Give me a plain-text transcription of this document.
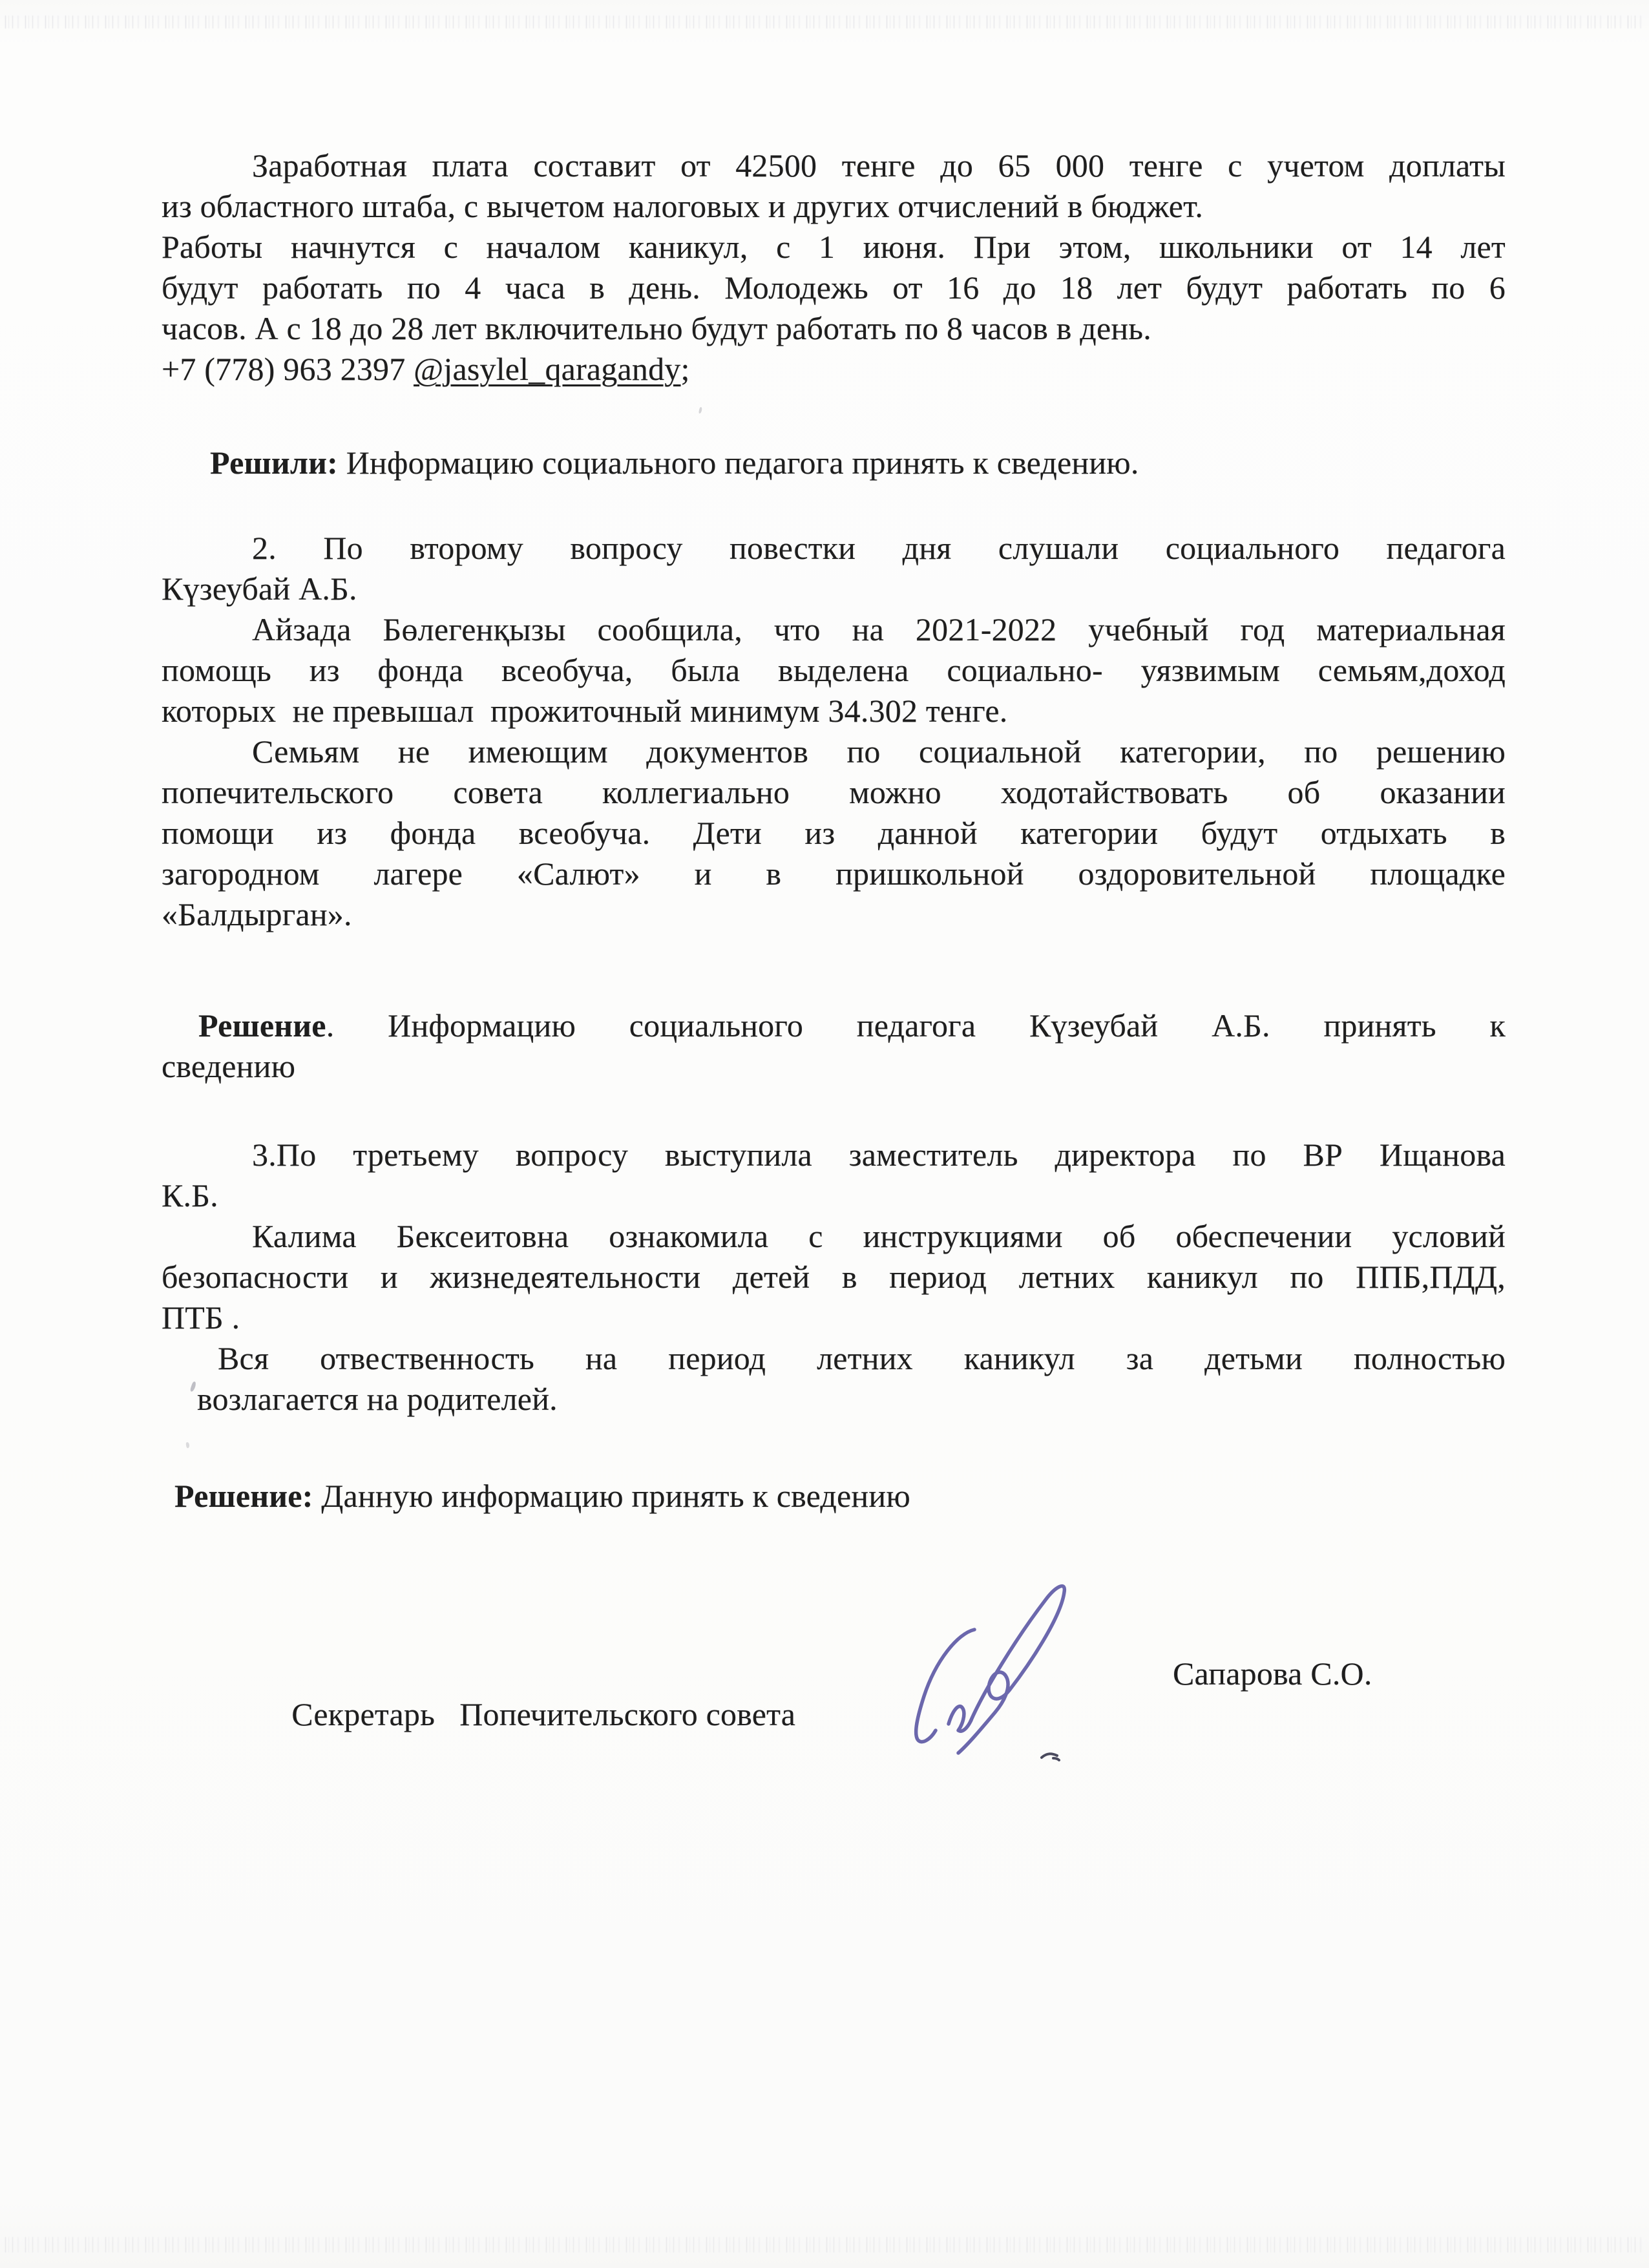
Заработная плата составит от 42500 тенге до 65 000 тенге с учетом доплаты
из областного штаба, с вычетом налоговых и других отчислений в бюджет.
Работы начнутся с началом каникул, с 1 июня. При этом, школьники от 14 лет
будут работать по 4 часа в день. Молодежь от 16 до 18 лет будут работать по 6
часов. А с 18 до 28 лет включительно будут работать по 8 часов в день.
+7 (778) 963 2397 @jasylel_qaragandy;
Решили: Информацию социального педагога принять к сведению.
2. По второму вопросу повестки дня слушали социального педагога
Күзеубай А.Б.
Айзада Бөлегенқызы сообщила, что на 2021-2022 учебный год материальная
помощь из фонда всеобуча, была выделена социально- уязвимым семьям,доход
которых  не превышал  прожиточный минимум 34.302 тенге.
Семьям не имеющим документов по социальной категории, по решению
попечительского совета коллегиально можно ходотайствовать об оказании
помощи из фонда всеобуча. Дети из данной категории будут отдыхать в
загородном лагере «Салют» и в пришкольной оздоровительной площадке
«Балдырган».
Решение. Информацию социального педагога Күзеубай А.Б. принять к
сведению
3.По третьему вопросу выступила заместитель директора по ВР Ищанова
К.Б.
Калима Бексеитовна ознакомила с инструкциями об обеспечении условий
безопасности и жизнедеятельности детей в период летних каникул по ППБ,ПДД,
ПТБ .
Вся отвественность на период летних каникул за детьми полностью
возлагается на родителей.
Решение: Данную информацию принять к сведению

Секретарь   Попечительского совета

Сапарова С.О.
